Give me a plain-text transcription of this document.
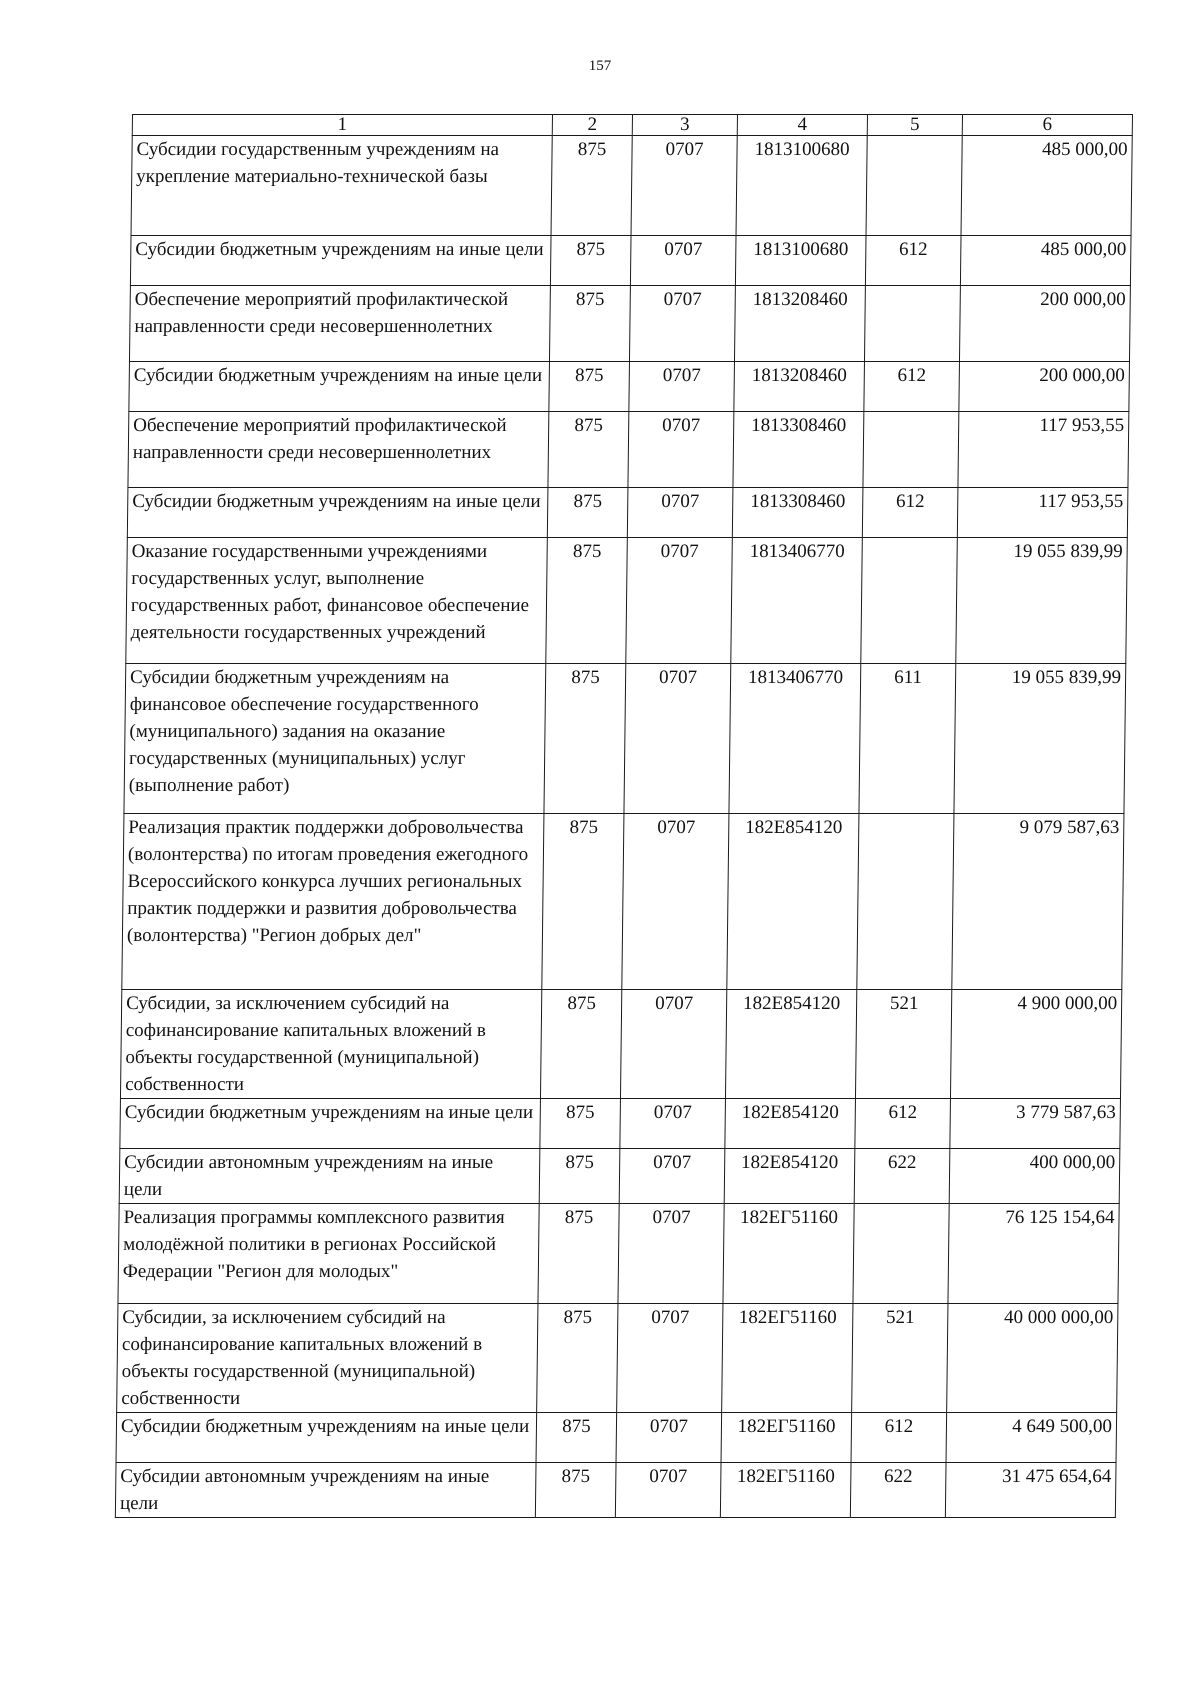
157
1	2	3	4	5	6
Субсидии государственным учреждениям на укрепление материально-технической базы	875	0707	1813100680		485 000,00
Субсидии бюджетным учреждениям на иные цели	875	0707	1813100680	612	485 000,00
Обеспечение мероприятий профилактической направленности среди несовершеннолетних	875	0707	1813208460		200 000,00
Субсидии бюджетным учреждениям на иные цели	875	0707	1813208460	612	200 000,00
Обеспечение мероприятий профилактической направленности среди несовершеннолетних	875	0707	1813308460		117 953,55
Субсидии бюджетным учреждениям на иные цели	875	0707	1813308460	612	117 953,55
Оказание государственными учреждениями государственных услуг, выполнение государственных работ, финансовое обеспечение деятельности государственных учреждений	875	0707	1813406770		19 055 839,99
Субсидии бюджетным учреждениям на финансовое обеспечение государственного (муниципального) задания на оказание государственных (муниципальных) услуг (выполнение работ)	875	0707	1813406770	611	19 055 839,99
Реализация практик поддержки добровольчества (волонтерства) по итогам проведения ежегодного Всероссийского конкурса лучших региональных практик поддержки и развития добровольчества (волонтерства) "Регион добрых дел"	875	0707	182E854120		9 079 587,63
Субсидии, за исключением субсидий на софинансирование капитальных вложений в объекты государственной (муниципальной) собственности	875	0707	182E854120	521	4 900 000,00
Субсидии бюджетным учреждениям на иные цели	875	0707	182E854120	612	3 779 587,63
Субсидии автономным учреждениям на иные цели	875	0707	182E854120	622	400 000,00
Реализация программы комплексного развития молодёжной политики в регионах Российской Федерации "Регион для молодых"	875	0707	182ЕГ51160		76 125 154,64
Субсидии, за исключением субсидий на софинансирование капитальных вложений в объекты государственной (муниципальной) собственности	875	0707	182ЕГ51160	521	40 000 000,00
Субсидии бюджетным учреждениям на иные цели	875	0707	182ЕГ51160	612	4 649 500,00
Субсидии автономным учреждениям на иные цели	875	0707	182ЕГ51160	622	31 475 654,64
